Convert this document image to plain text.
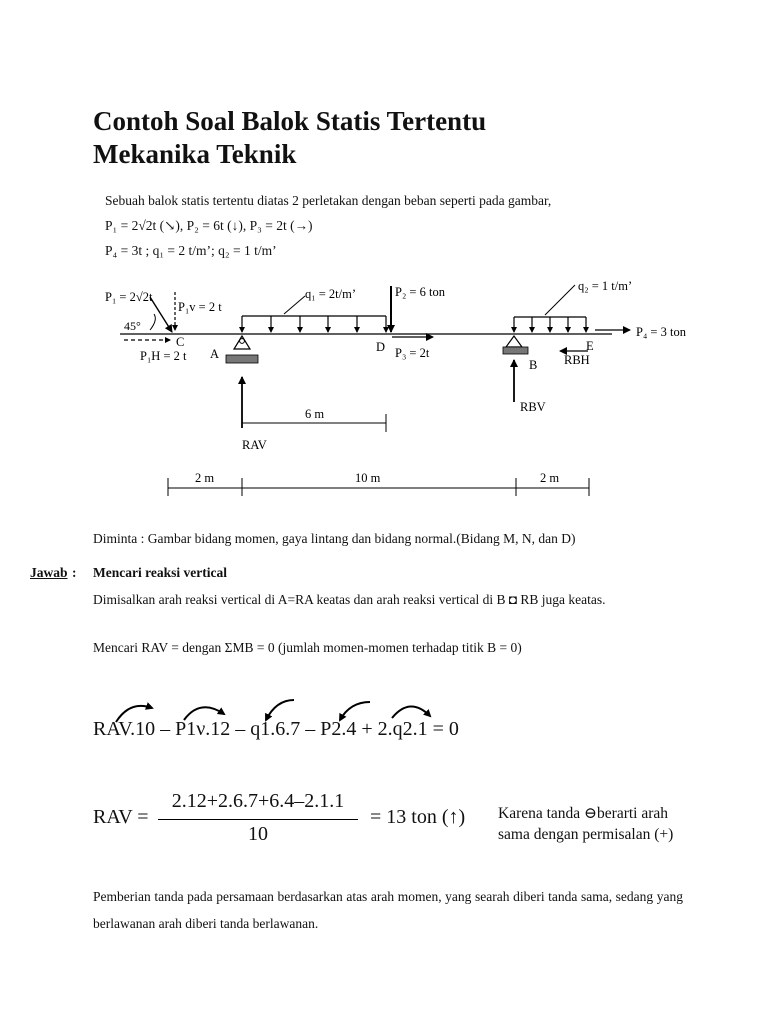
Contoh Soal Balok Statis Tertentu
Mekanika Teknik
Sebuah balok statis tertentu diatas 2 perletakan dengan beban seperti pada gambar,
P₁ = 2√2t (↘), P₂ = 6t (↓), P₃ = 2t (→)
P₄ = 3t ; q₁ = 2 t/m’; q₂ = 1 t/m’
P₁ = 2√2t
P₁v = 2 t
45°
P₁H = 2 t
C
A
q₁ = 2t/m’	P₂ = 6 ton
D P₃ = 2t
q₂ = 1 t/m’
P₄ = 3 ton
E
B RBH
RBV
RAV
6 m
2 m	10 m	2 m
Diminta : Gambar bidang momen, gaya lintang dan bidang normal.(Bidang M, N, dan D)
Jawab : Mencari reaksi vertical
Dimisalkan arah reaksi vertical di A=RA keatas dan arah reaksi vertical di B ◘ RB juga keatas.
Mencari RAV = dengan ΣMB = 0 (jumlah momen-momen terhadap titik B = 0)
RAV.10 – P1ν.12 – q1.6.7 – P2.4 + 2.q2.1 = 0
RAV =
2.12+2.6.7+6.4–2.1.1
10
= 13 ton (↑) Karena tanda ⊖berarti arah
sama dengan permisalan (+)
Pemberian tanda pada persamaan berdasarkan atas arah momen, yang searah diberi tanda sama, sedang yang berlawanan arah diberi tanda berlawanan.
